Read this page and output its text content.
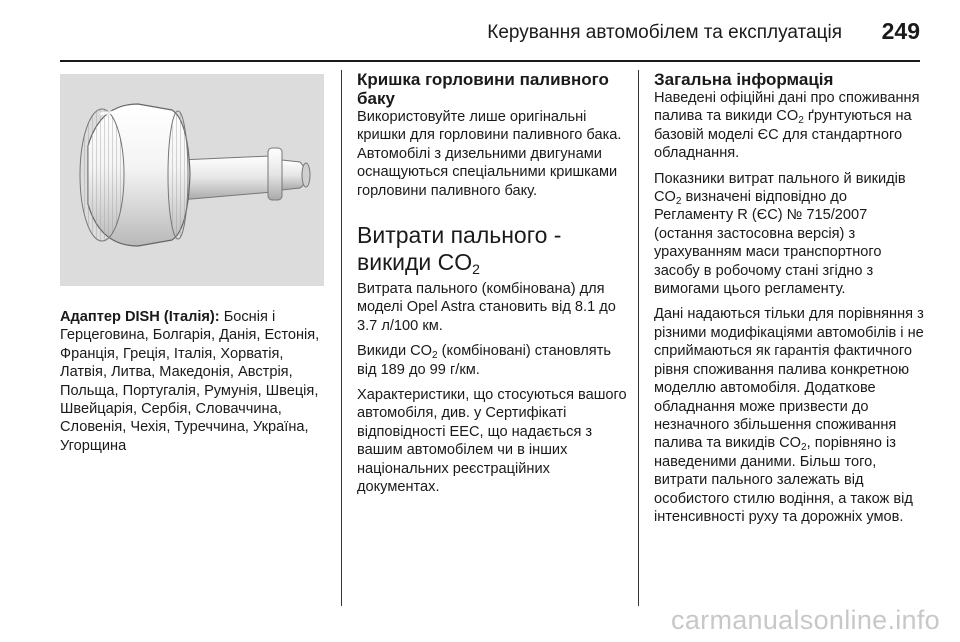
Керування автомобілем та експлуатація 249

Адаптер DISH (Італія): Боснія і Герцеговина, Болгарія, Данія, Естонія, Франція, Греція, Італія, Хорватія, Латвія, Литва, Македонія, Австрія, Польща, Португалія, Румунія, Швеція, Швейцарія, Сербія, Словаччина, Словенія, Чехія, Туреччина, Україна, Угорщина

Кришка горловини паливного баку

Використовуйте лише оригінальні кришки для горловини паливного бака. Автомобілі з дизельними двигунами оснащуються спеціальними кришками горловини паливного баку.

Витрати пального - викиди $CO_2$

Витрата пального (комбінована) для моделі Opel Astra становить від 8.1 до 3.7 л/100 км.

Викиди $CO_2$ (комбіновані) становлять від 189 до 99 г/км.

Характеристики, що стосуються вашого автомобіля, див. у Сертифікаті відповідності ЕЕС, що надається з вашим автомобілем чи в інших національних реєстраційних документах.

Загальна інформація

Наведені офіційні дані про споживання палива та викиди $CO_2$ ґрунтуються на базовій моделі ЄС для стандартного обладнання.

Показники витрат пального й викидів $CO_2$ визначені відповідно до Регламенту R (ЄС) № 715/2007 (остання застосовна версія) з урахуванням маси транспортного засобу в робочому стані згідно з вимогами цього регламенту.

Дані надаються тільки для порівняння з різними модифікаціями автомобілів і не сприймаються як гарантія фактичного рівня споживання палива конкретною моделлю автомобіля. Додаткове обладнання може призвести до незначного збільшення споживання палива та викидів $CO_2$, порівняно із наведеними даними. Більш того, витрати пального залежать від особистого стилю водіння, а також від інтенсивності руху та дорожніх умов.

carmanualsonline.info
